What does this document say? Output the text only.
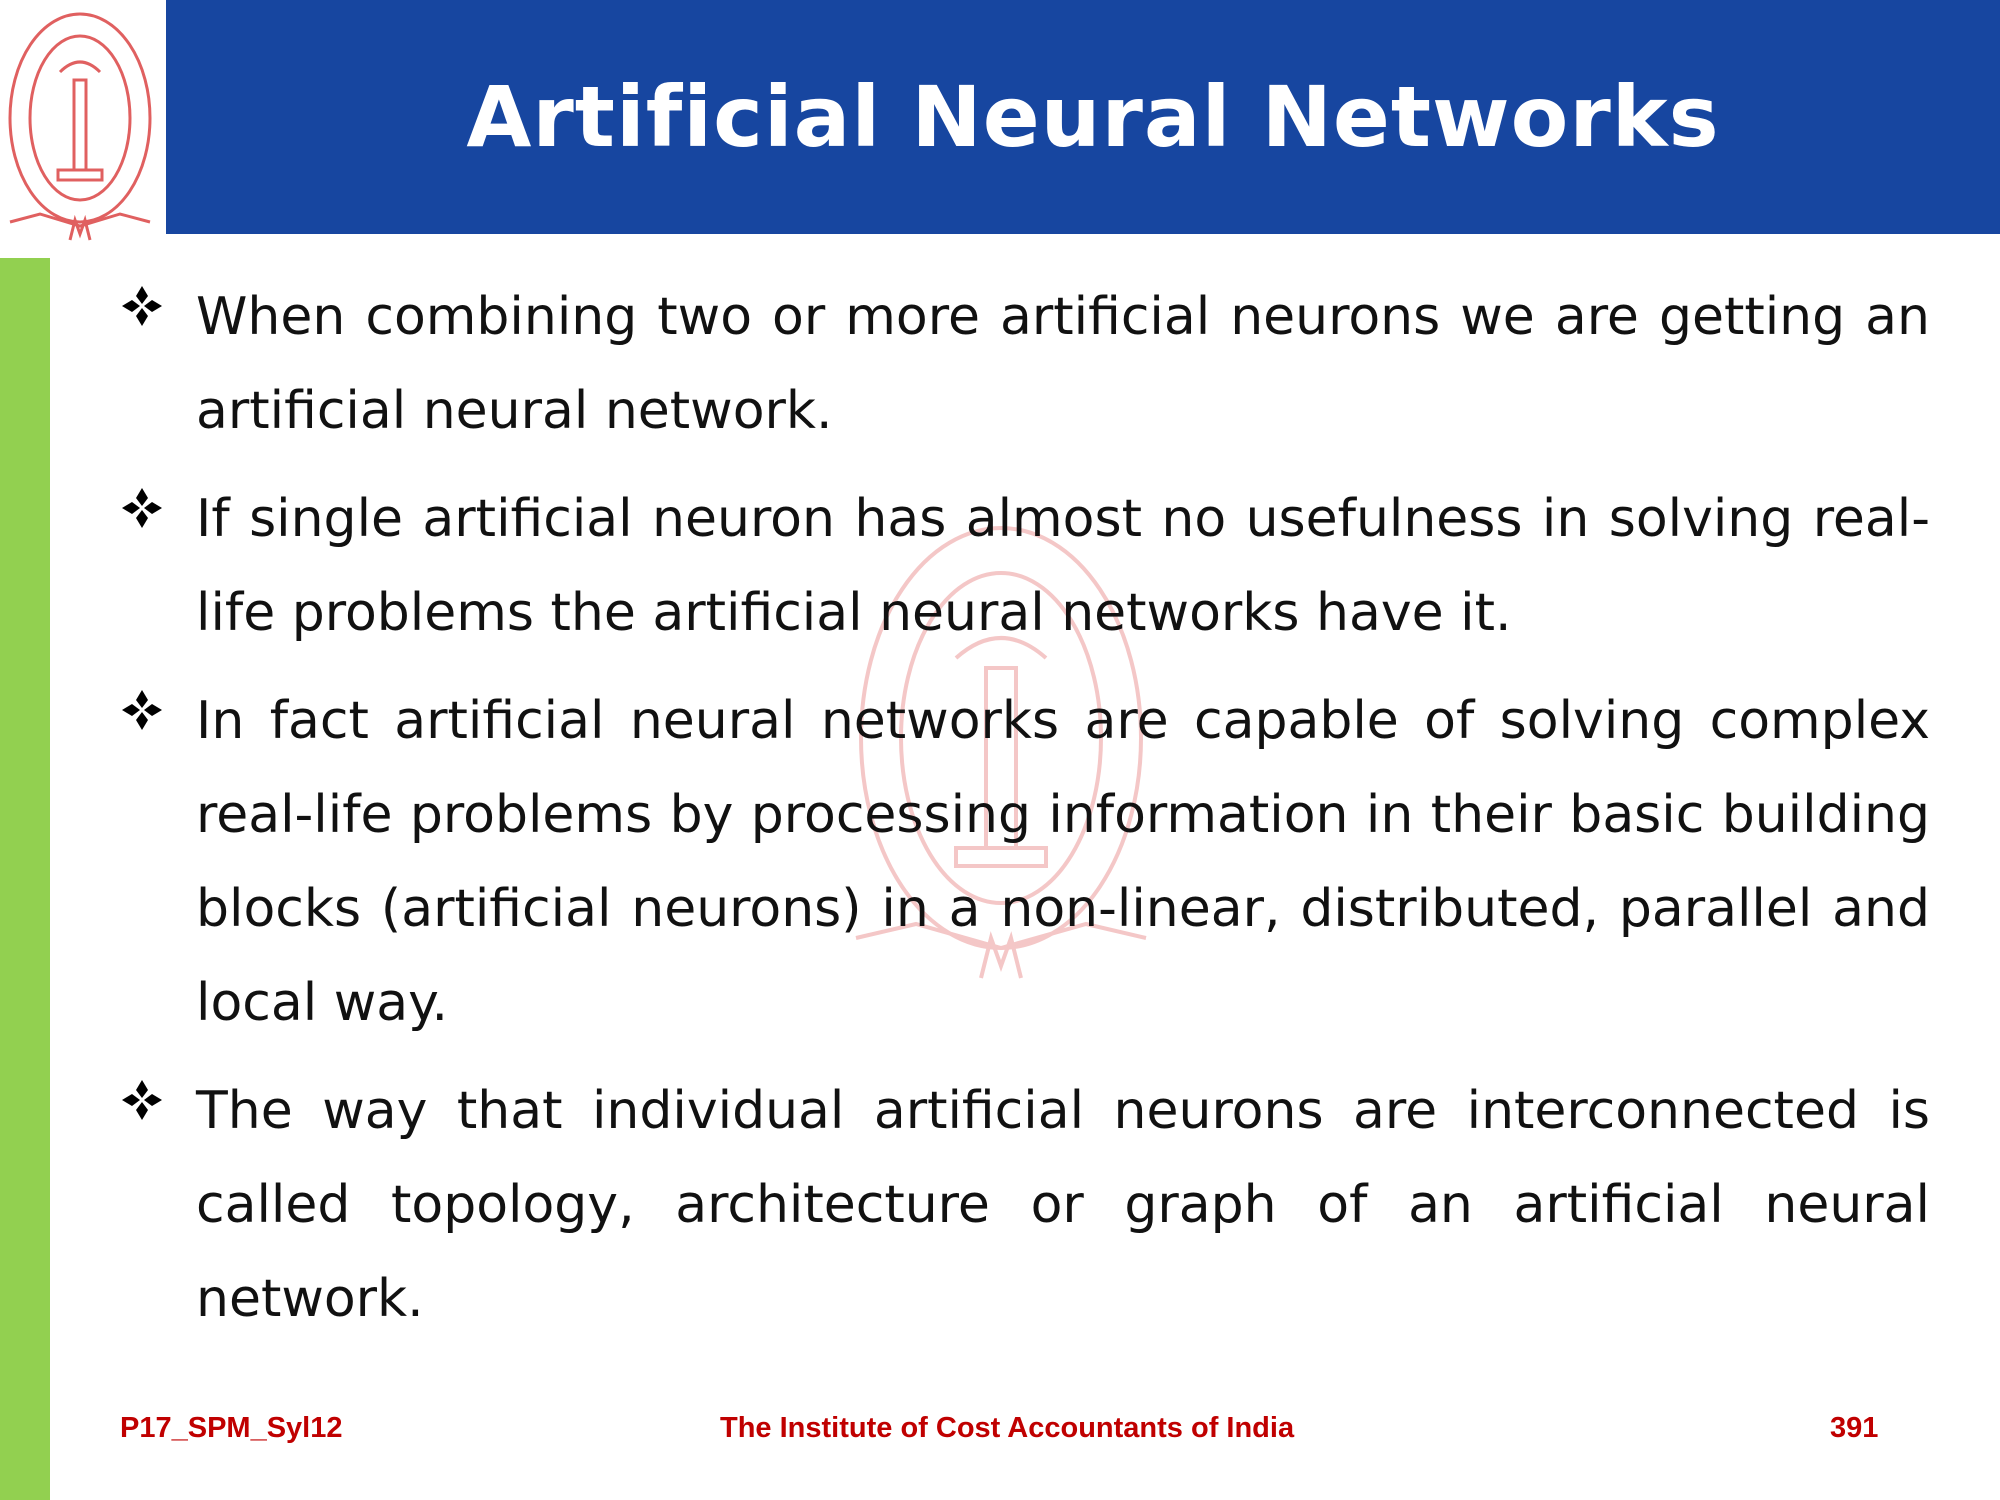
Artificial Neural Networks
When combining two or more artificial neurons we are getting an artificial neural network.
If single artificial neuron has almost no usefulness in solving real-life problems the artificial neural networks have it.
In fact artificial neural networks are capable of solving complex real-life problems by processing information in their basic building blocks (artificial neurons) in a non-linear, distributed, parallel and local way.
The way that individual artificial neurons are interconnected is called topology, architecture or graph of an artificial neural network.
P17_SPM_Syl12	The Institute of Cost Accountants of India	391
